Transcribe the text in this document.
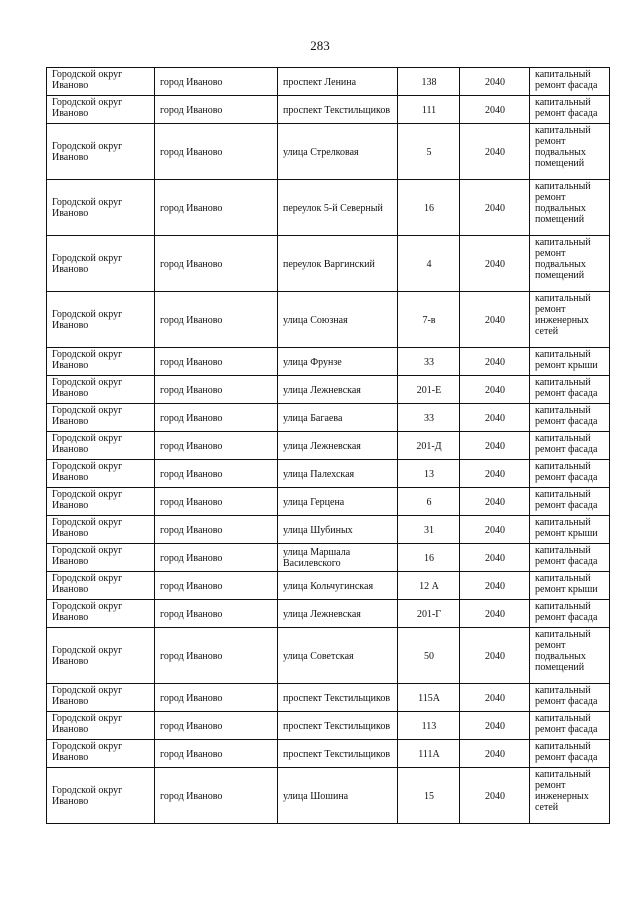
283
Городской округ Иваново	город Иваново	проспект Ленина	138	2040	капитальный ремонт фасада
Городской округ Иваново	город Иваново	проспект Текстильщиков	111	2040	капитальный ремонт фасада
Городской округ Иваново	город Иваново	улица Стрелковая	5	2040	капитальный ремонт подвальных помещений
Городской округ Иваново	город Иваново	переулок 5-й Северный	16	2040	капитальный ремонт подвальных помещений
Городской округ Иваново	город Иваново	переулок Варгинский	4	2040	капитальный ремонт подвальных помещений
Городской округ Иваново	город Иваново	улица Союзная	7-в	2040	капитальный ремонт инженерных сетей
Городской округ Иваново	город Иваново	улица Фрунзе	33	2040	капитальный ремонт крыши
Городской округ Иваново	город Иваново	улица Лежневская	201-Е	2040	капитальный ремонт фасада
Городской округ Иваново	город Иваново	улица Багаева	33	2040	капитальный ремонт фасада
Городской округ Иваново	город Иваново	улица Лежневская	201-Д	2040	капитальный ремонт фасада
Городской округ Иваново	город Иваново	улица Палехская	13	2040	капитальный ремонт фасада
Городской округ Иваново	город Иваново	улица Герцена	6	2040	капитальный ремонт фасада
Городской округ Иваново	город Иваново	улица Шубиных	31	2040	капитальный ремонт крыши
Городской округ Иваново	город Иваново	улица Маршала Василевского	16	2040	капитальный ремонт фасада
Городской округ Иваново	город Иваново	улица Кольчугинская	12 А	2040	капитальный ремонт крыши
Городской округ Иваново	город Иваново	улица Лежневская	201-Г	2040	капитальный ремонт фасада
Городской округ Иваново	город Иваново	улица Советская	50	2040	капитальный ремонт подвальных помещений
Городской округ Иваново	город Иваново	проспект Текстильщиков	115А	2040	капитальный ремонт фасада
Городской округ Иваново	город Иваново	проспект Текстильщиков	113	2040	капитальный ремонт фасада
Городской округ Иваново	город Иваново	проспект Текстильщиков	111А	2040	капитальный ремонт фасада
Городской округ Иваново	город Иваново	улица Шошина	15	2040	капитальный ремонт инженерных сетей
